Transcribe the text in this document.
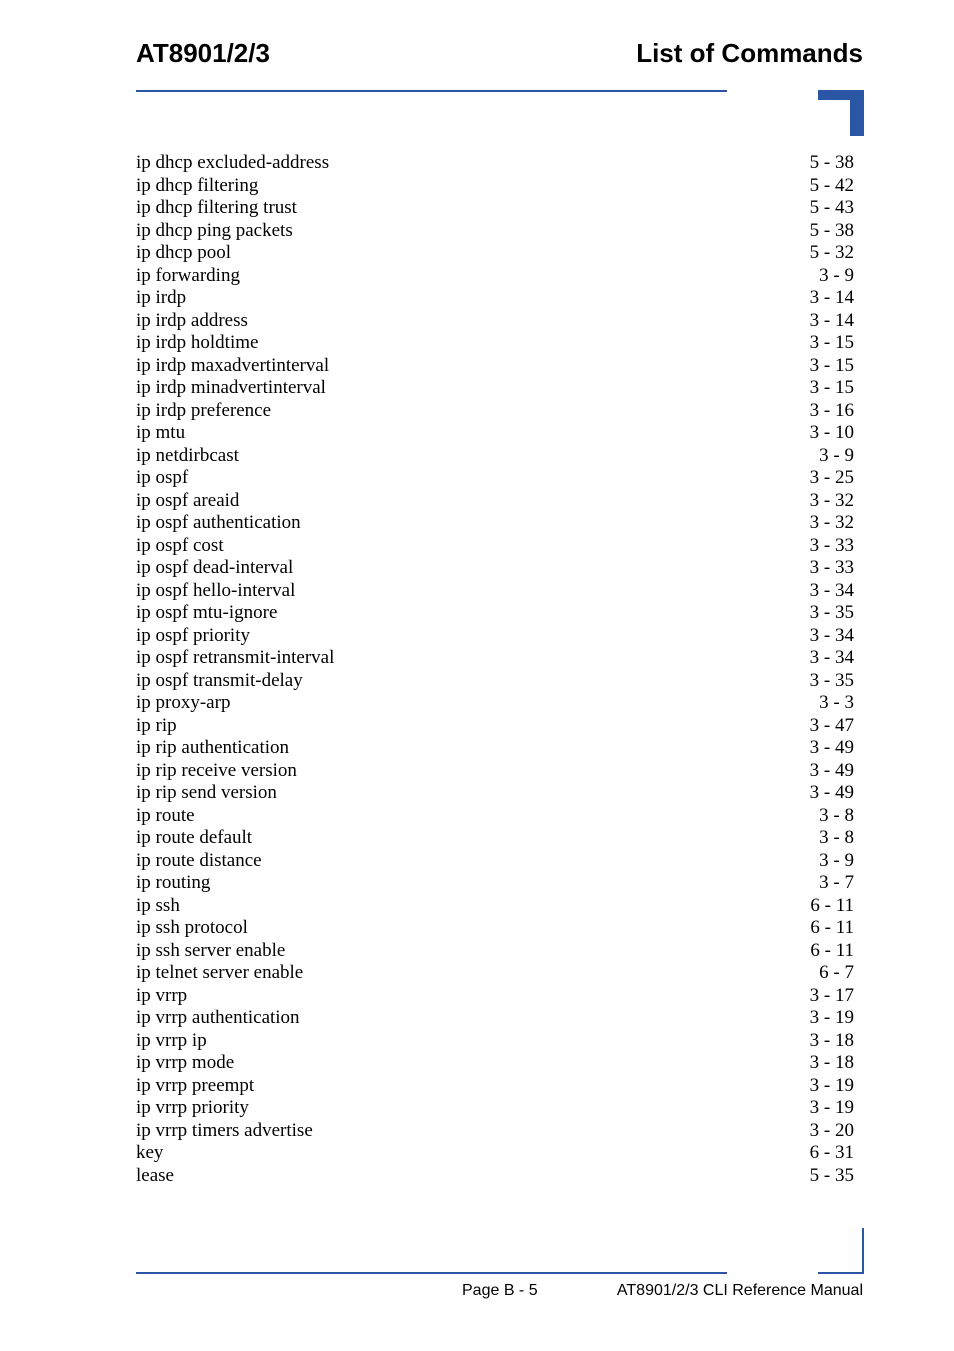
AT8901/2/3	List of Commands
ip dhcp excluded-address	5 - 38
ip dhcp filtering	5 - 42
ip dhcp filtering trust	5 - 43
ip dhcp ping packets	5 - 38
ip dhcp pool	5 - 32
ip forwarding	3 - 9
ip irdp	3 - 14
ip irdp address	3 - 14
ip irdp holdtime	3 - 15
ip irdp maxadvertinterval	3 - 15
ip irdp minadvertinterval	3 - 15
ip irdp preference	3 - 16
ip mtu	3 - 10
ip netdirbcast	3 - 9
ip ospf	3 - 25
ip ospf areaid	3 - 32
ip ospf authentication	3 - 32
ip ospf cost	3 - 33
ip ospf dead-interval	3 - 33
ip ospf hello-interval	3 - 34
ip ospf mtu-ignore	3 - 35
ip ospf priority	3 - 34
ip ospf retransmit-interval	3 - 34
ip ospf transmit-delay	3 - 35
ip proxy-arp	3 - 3
ip rip	3 - 47
ip rip authentication	3 - 49
ip rip receive version	3 - 49
ip rip send version	3 - 49
ip route	3 - 8
ip route default	3 - 8
ip route distance	3 - 9
ip routing	3 - 7
ip ssh	6 - 11
ip ssh protocol	6 - 11
ip ssh server enable	6 - 11
ip telnet server enable	6 - 7
ip vrrp	3 - 17
ip vrrp authentication	3 - 19
ip vrrp ip	3 - 18
ip vrrp mode	3 - 18
ip vrrp preempt	3 - 19
ip vrrp priority	3 - 19
ip vrrp timers advertise	3 - 20
key	6 - 31
lease	5 - 35
Page B - 5	AT8901/2/3 CLI Reference Manual
